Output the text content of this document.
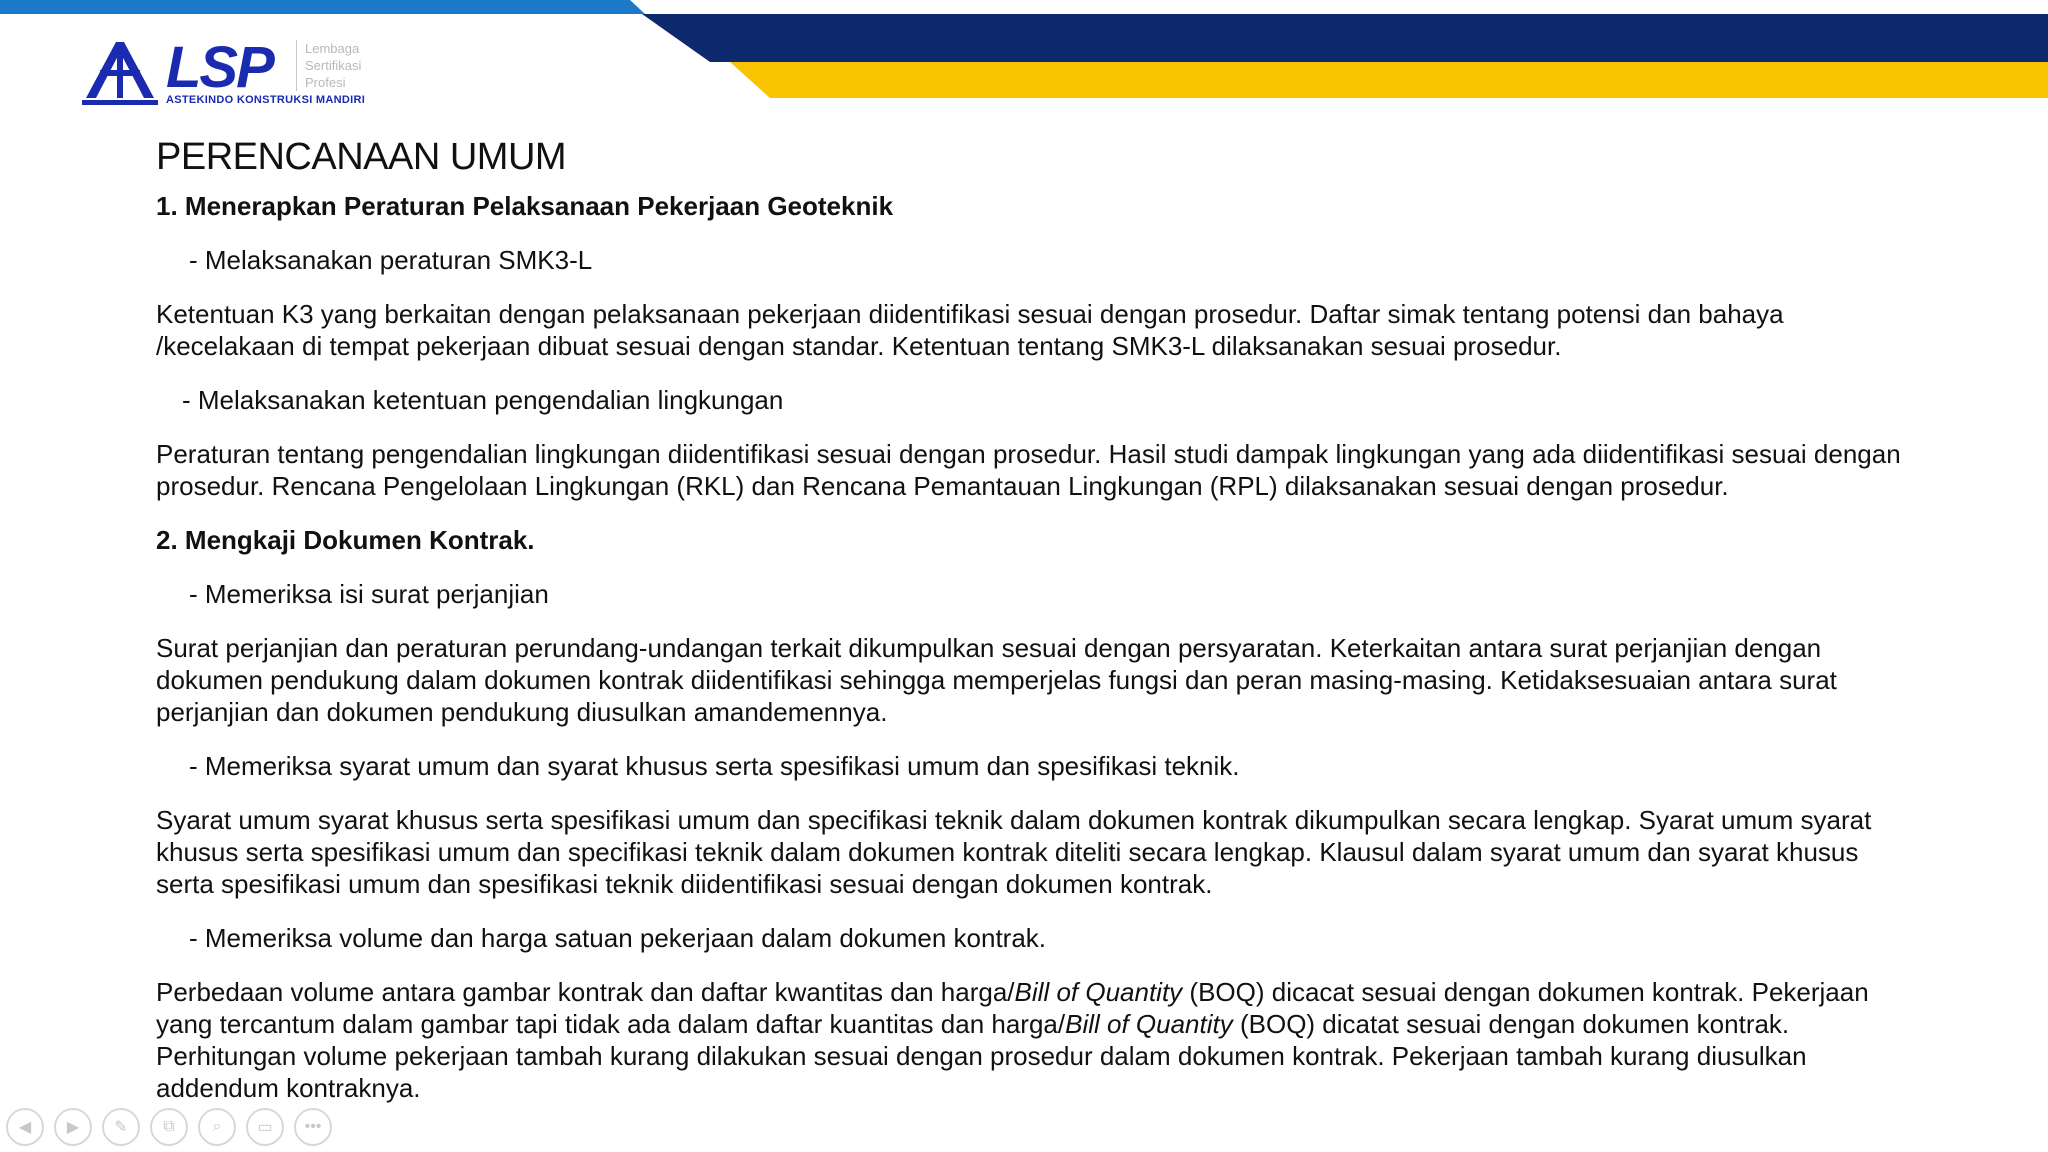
LSP Lembaga
Sertifikasi
Profesi
ASTEKINDO KONSTRUKSI MANDIRI
PERENCANAAN UMUM

1. Menerapkan Peraturan Pelaksanaan Pekerjaan Geoteknik

- Melaksanakan peraturan SMK3-L

Ketentuan K3 yang berkaitan dengan pelaksanaan pekerjaan diidentifikasi sesuai dengan prosedur. Daftar simak tentang potensi dan bahaya /kecelakaan di tempat pekerjaan dibuat sesuai dengan standar. Ketentuan tentang SMK3-L dilaksanakan sesuai prosedur.

- Melaksanakan ketentuan pengendalian lingkungan

Peraturan tentang pengendalian lingkungan diidentifikasi sesuai dengan prosedur. Hasil studi dampak lingkungan yang ada diidentifikasi sesuai dengan prosedur. Rencana Pengelolaan Lingkungan (RKL) dan Rencana Pemantauan Lingkungan (RPL) dilaksanakan sesuai dengan prosedur.

2. Mengkaji Dokumen Kontrak.

- Memeriksa isi surat perjanjian

Surat perjanjian dan peraturan perundang-undangan terkait dikumpulkan sesuai dengan persyaratan. Keterkaitan antara surat perjanjian dengan dokumen pendukung dalam dokumen kontrak diidentifikasi sehingga memperjelas fungsi dan peran masing-masing. Ketidaksesuaian antara surat perjanjian dan dokumen pendukung diusulkan amandemennya.

- Memeriksa syarat umum dan syarat khusus serta spesifikasi umum dan spesifikasi teknik.

Syarat umum syarat khusus serta spesifikasi umum dan specifikasi teknik dalam dokumen kontrak dikumpulkan secara lengkap. Syarat umum syarat khusus serta spesifikasi umum dan specifikasi teknik dalam dokumen kontrak diteliti secara lengkap. Klausul dalam syarat umum dan syarat khusus serta spesifikasi umum dan spesifikasi teknik diidentifikasi sesuai dengan dokumen kontrak.

- Memeriksa volume dan harga satuan pekerjaan dalam dokumen kontrak.

Perbedaan volume antara gambar kontrak dan daftar kwantitas dan harga/Bill of Quantity (BOQ) dicacat sesuai dengan dokumen kontrak. Pekerjaan yang tercantum dalam gambar tapi tidak ada dalam daftar kuantitas dan harga/Bill of Quantity (BOQ) dicatat sesuai dengan dokumen kontrak. Perhitungan volume pekerjaan tambah kurang dilakukan sesuai dengan prosedur dalam dokumen kontrak. Pekerjaan tambah kurang diusulkan addendum kontraknya.

◀	▶	✎	⧉	⌕	▭	•••
